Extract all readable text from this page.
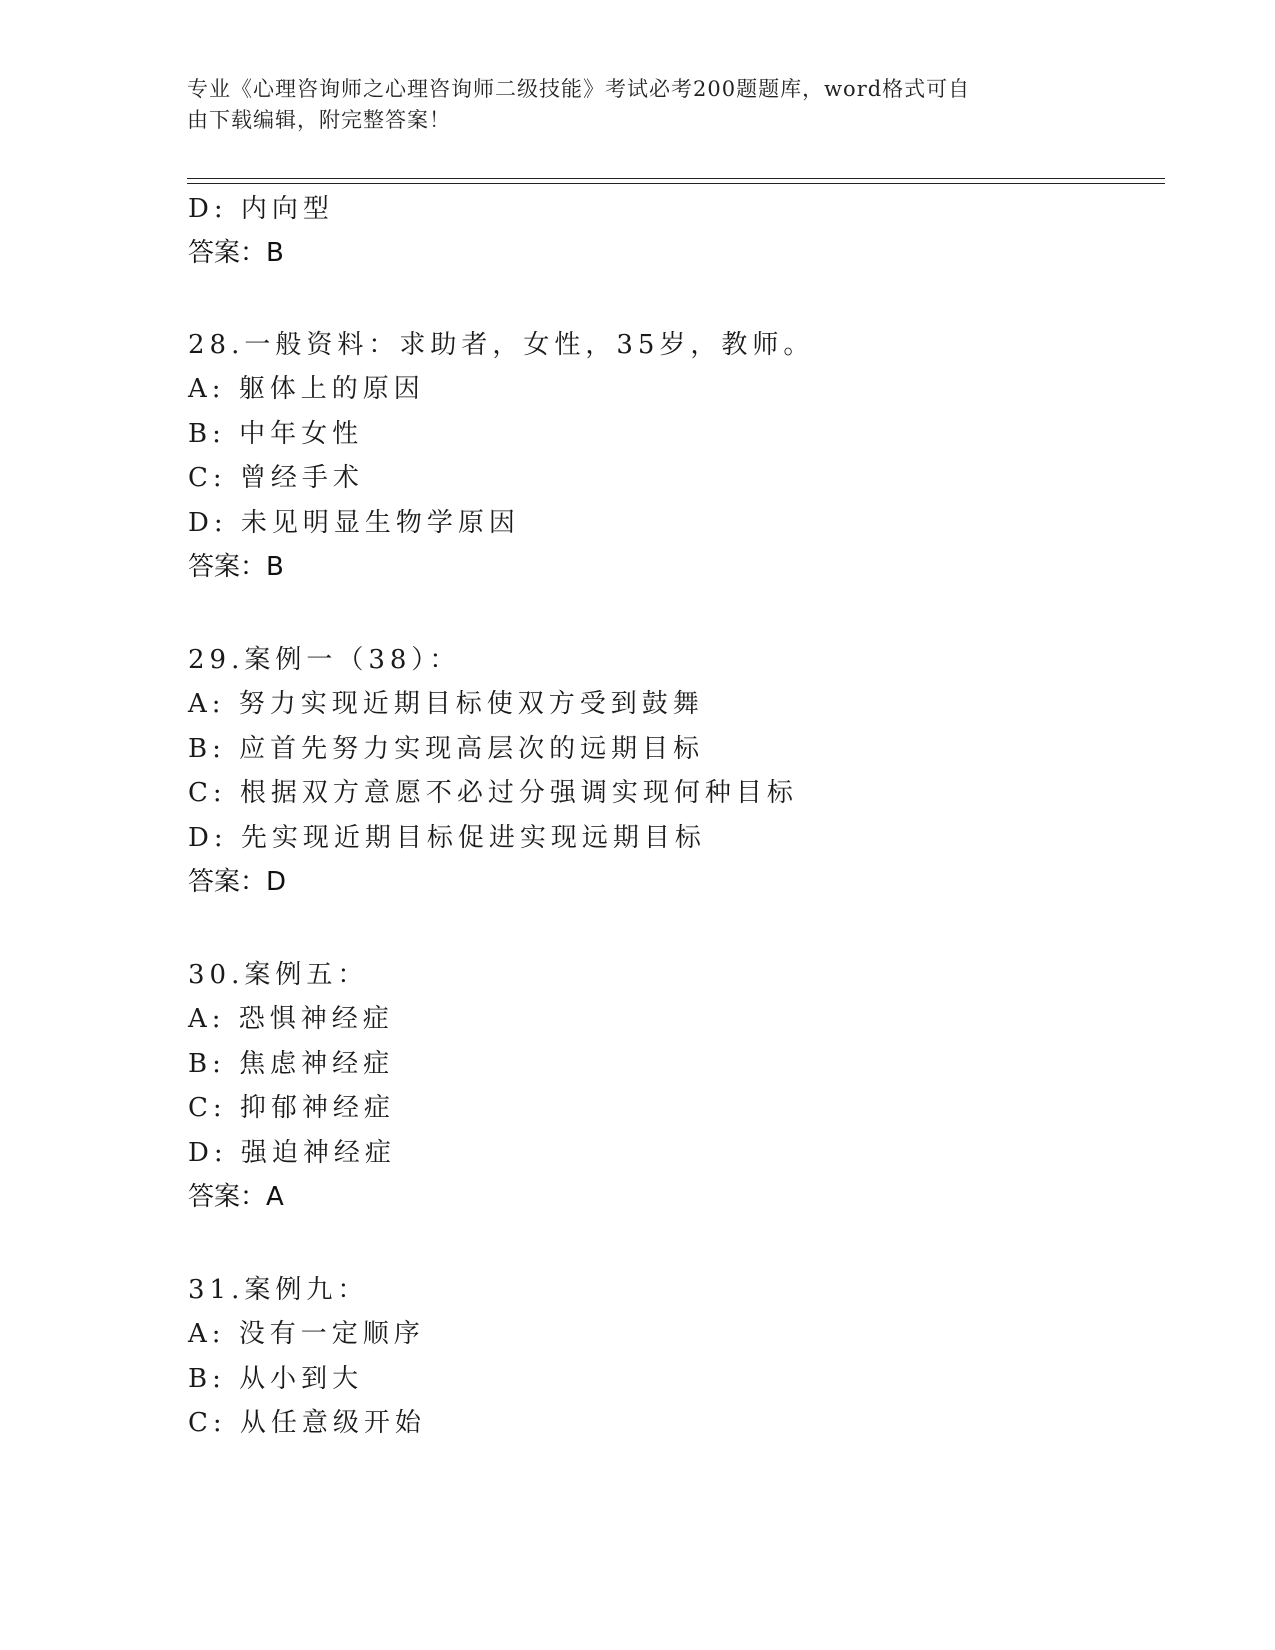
专业《心理咨询师之心理咨询师二级技能》考试必考200题题库，word格式可自
由下载编辑，附完整答案！
D: 内向型
答案：B
28.一般资料：求助者，女性，35岁，教师。
A: 躯体上的原因
B: 中年女性
C: 曾经手术
D: 未见明显生物学原因
答案：B
29.案例一（38）：
A: 努力实现近期目标使双方受到鼓舞
B: 应首先努力实现高层次的远期目标
C: 根据双方意愿不必过分强调实现何种目标
D: 先实现近期目标促进实现远期目标
答案：D
30.案例五：
A: 恐惧神经症
B: 焦虑神经症
C: 抑郁神经症
D: 强迫神经症
答案：A
31.案例九：
A: 没有一定顺序
B: 从小到大
C: 从任意级开始
